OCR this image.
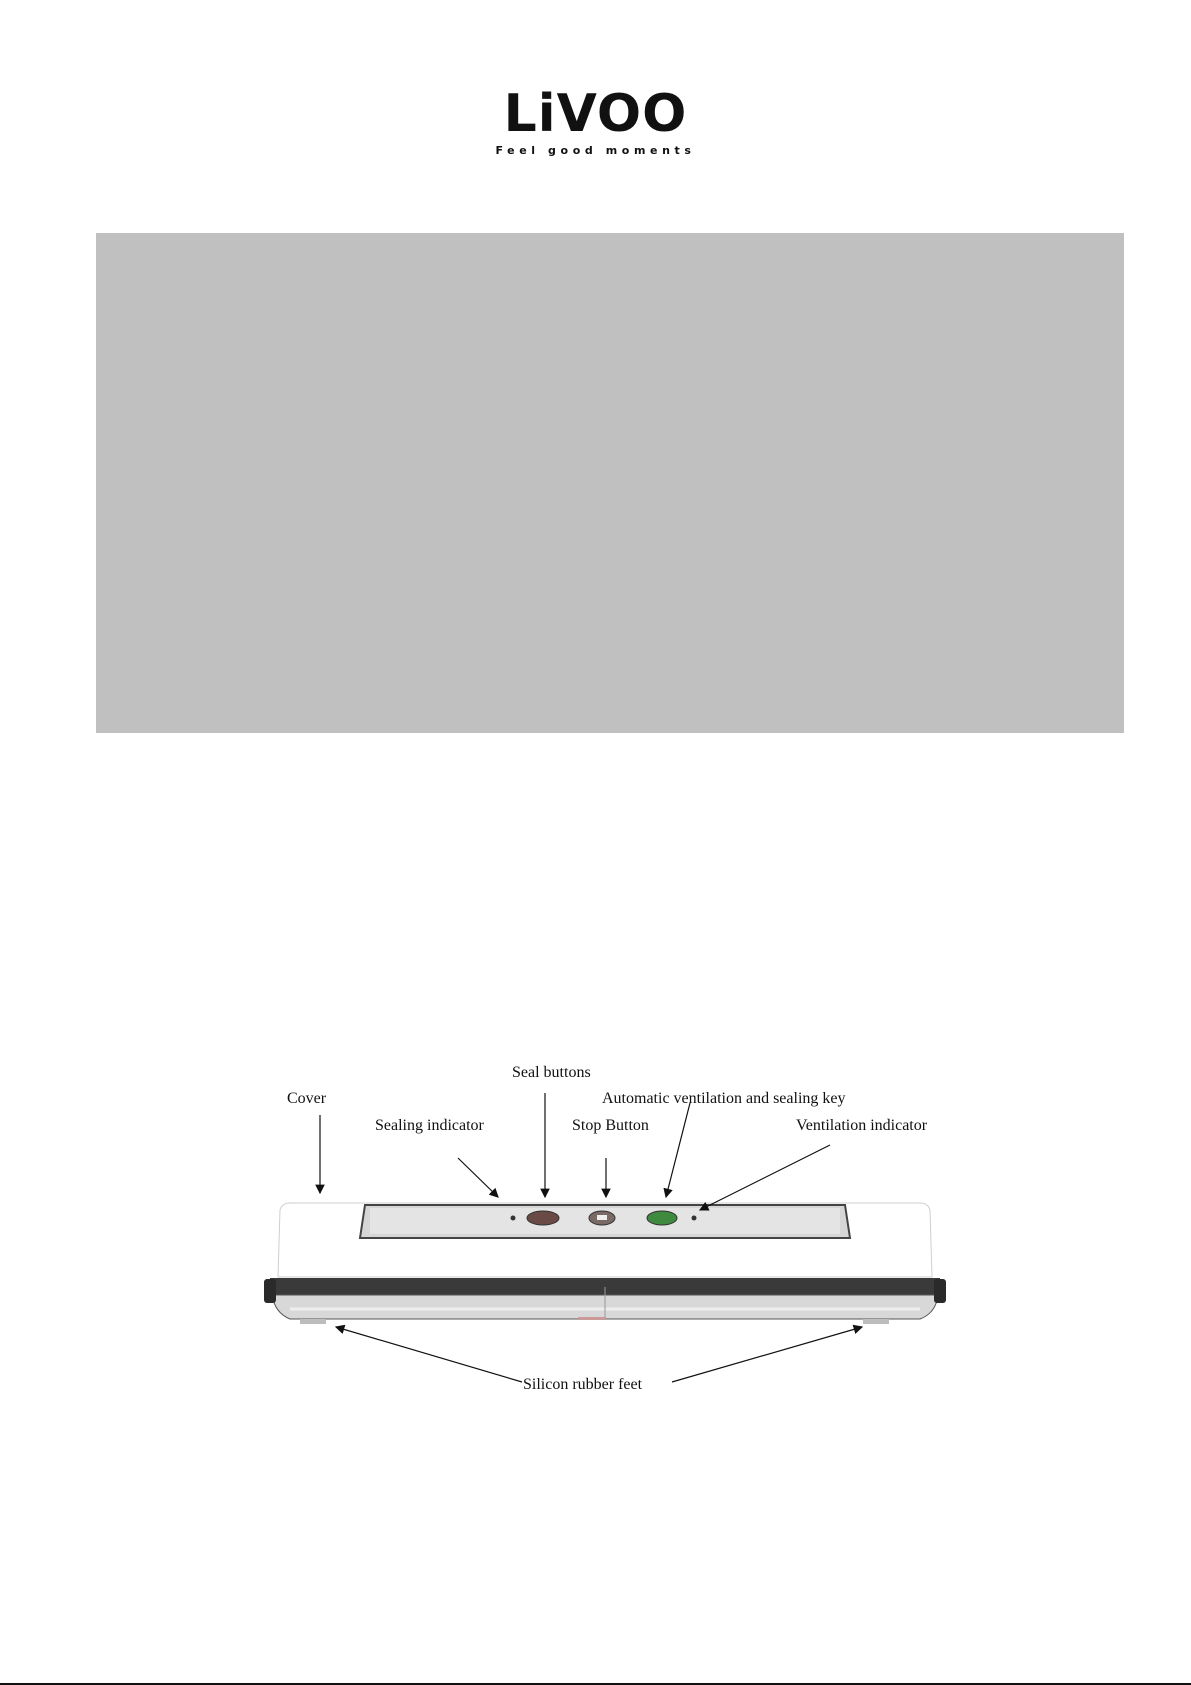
LiVOO
Feel good moments
Cover
Sealing indicator
Seal buttons
Stop Button
Automatic ventilation and sealing key
Ventilation indicator
Silicon rubber feet
